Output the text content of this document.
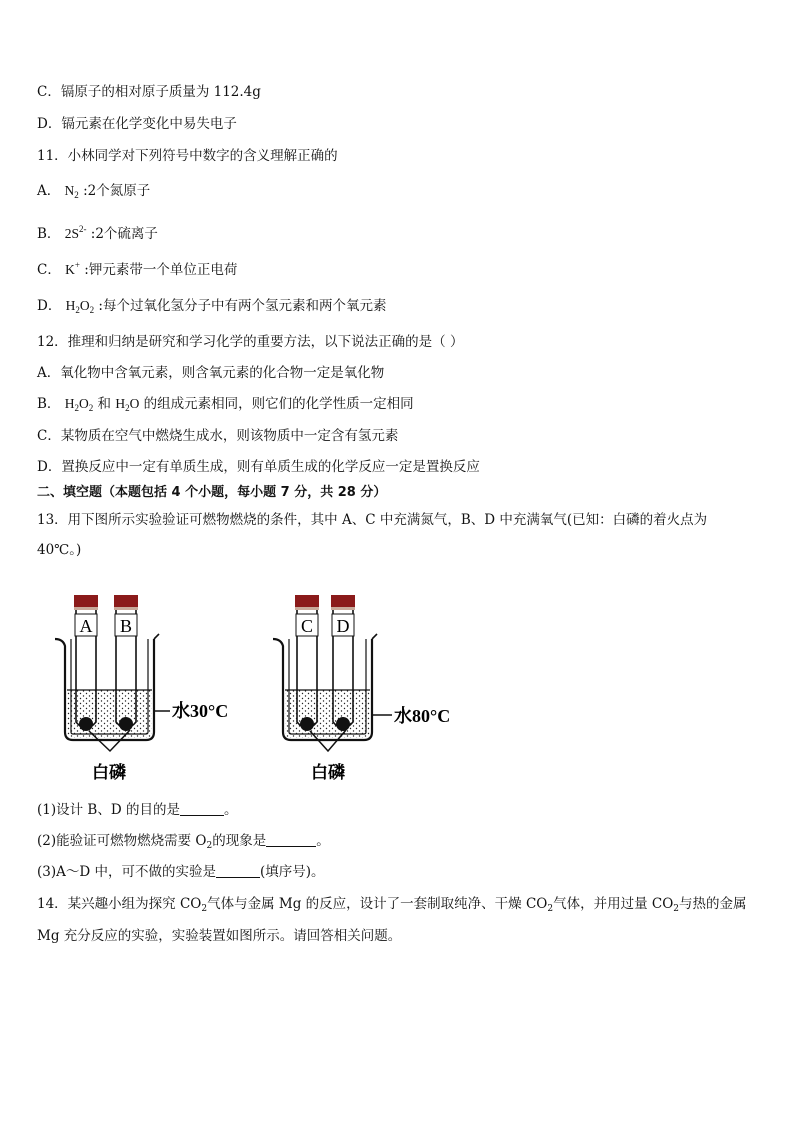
C．镉原子的相对原子质量为 112.4g
D．镉元素在化学变化中易失电子
11．小林同学对下列符号中数字的含义理解正确的
A． $N_2$ :2个氮原子
B． $2S^{2-}$ :2个硫离子
C． K+ :钾元素带一个单位正电荷
D． $H_2O_2$ :每个过氧化氢分子中有两个氢元素和两个氧元素
12．推理和归纳是研究和学习化学的重要方法，以下说法正确的是（ ）
A．氧化物中含氧元素，则含氧元素的化合物一定是氧化物
B． $H_2O_2$ 和 $H_2O$ 的组成元素相同，则它们的化学性质一定相同
C．某物质在空气中燃烧生成水，则该物质中一定含有氢元素
D．置换反应中一定有单质生成，则有单质生成的化学反应一定是置换反应
二、填空题（本题包括 4 个小题，每小题 7 分，共 28 分）
13．用下图所示实验验证可燃物燃烧的条件，其中 A、C 中充满氮气，B、D 中充满氧气(已知：白磷的着火点为
40℃。)
A B
水30°C
白磷
C D
水80°C
白磷
(1)设计 B、D 的目的是	。
(2)能验证可燃物燃烧需要 $O_2$的现象是	。
(3)A～D 中，可不做的实验是	(填序号)。
14．某兴趣小组为探究 $CO_2$气体与金属 Mg 的反应，设计了一套制取纯净、干燥 $CO_2$气体，并用过量 $CO_2$与热的金属
Mg 充分反应的实验，实验装置如图所示。请回答相关问题。
